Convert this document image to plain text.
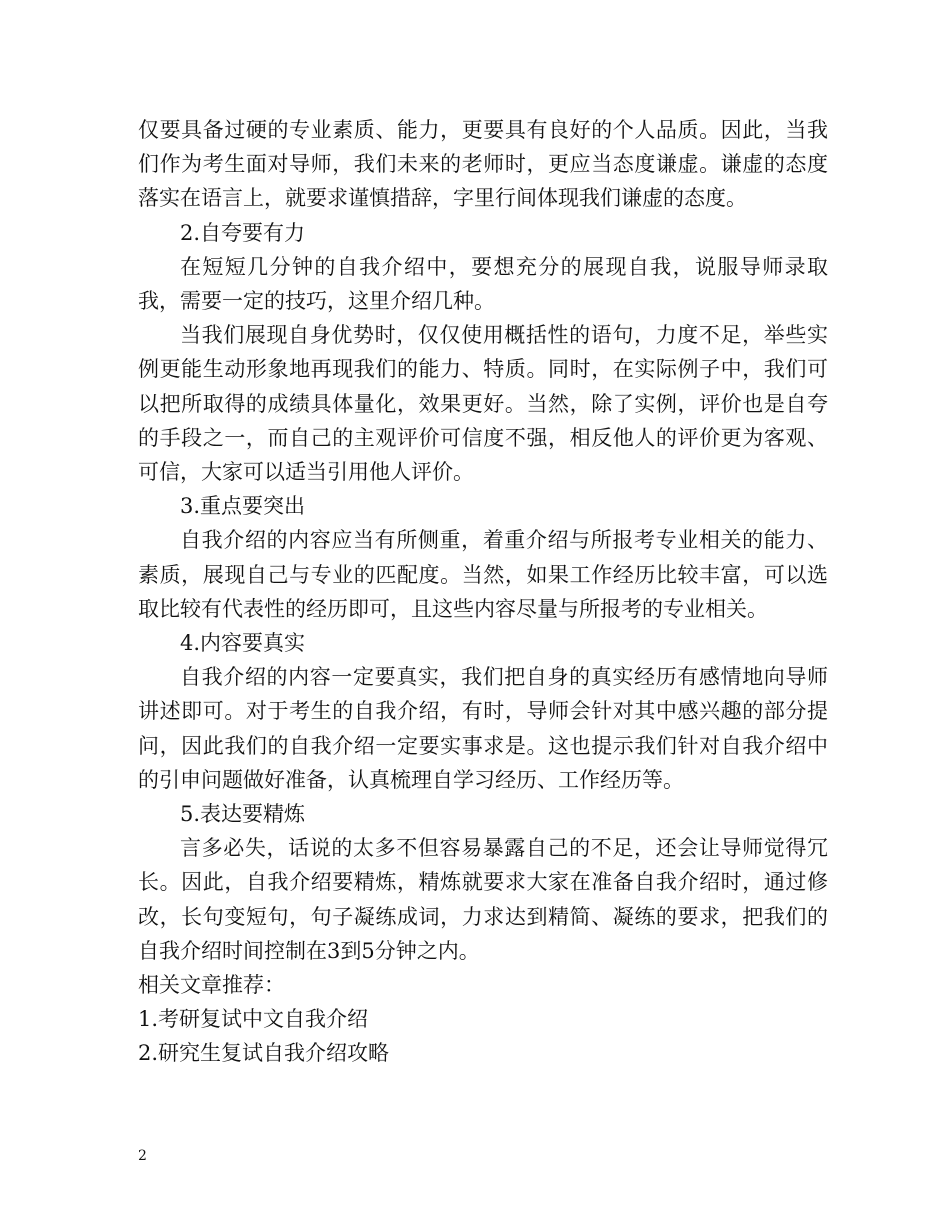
仅要具备过硬的专业素质、能力，更要具有良好的个人品质。因此，当我们作为考生面对导师，我们未来的老师时，更应当态度谦虚。谦虚的态度落实在语言上，就要求谨慎措辞，字里行间体现我们谦虚的态度。

2.自夸要有力

在短短几分钟的自我介绍中，要想充分的展现自我，说服导师录取我，需要一定的技巧，这里介绍几种。

当我们展现自身优势时，仅仅使用概括性的语句，力度不足，举些实例更能生动形象地再现我们的能力、特质。同时，在实际例子中，我们可以把所取得的成绩具体量化，效果更好。当然，除了实例，评价也是自夸的手段之一，而自己的主观评价可信度不强，相反他人的评价更为客观、可信，大家可以适当引用他人评价。

3.重点要突出

自我介绍的内容应当有所侧重，着重介绍与所报考专业相关的能力、素质，展现自己与专业的匹配度。当然，如果工作经历比较丰富，可以选取比较有代表性的经历即可，且这些内容尽量与所报考的专业相关。

4.内容要真实

自我介绍的内容一定要真实，我们把自身的真实经历有感情地向导师讲述即可。对于考生的自我介绍，有时，导师会针对其中感兴趣的部分提问，因此我们的自我介绍一定要实事求是。这也提示我们针对自我介绍中的引申问题做好准备，认真梳理自学习经历、工作经历等。

5.表达要精炼

言多必失，话说的太多不但容易暴露自己的不足，还会让导师觉得冗长。因此，自我介绍要精炼，精炼就要求大家在准备自我介绍时，通过修改，长句变短句，句子凝练成词，力求达到精简、凝练的要求，把我们的自我介绍时间控制在3到5分钟之内。

相关文章推荐：

1.考研复试中文自我介绍

2.研究生复试自我介绍攻略

2
